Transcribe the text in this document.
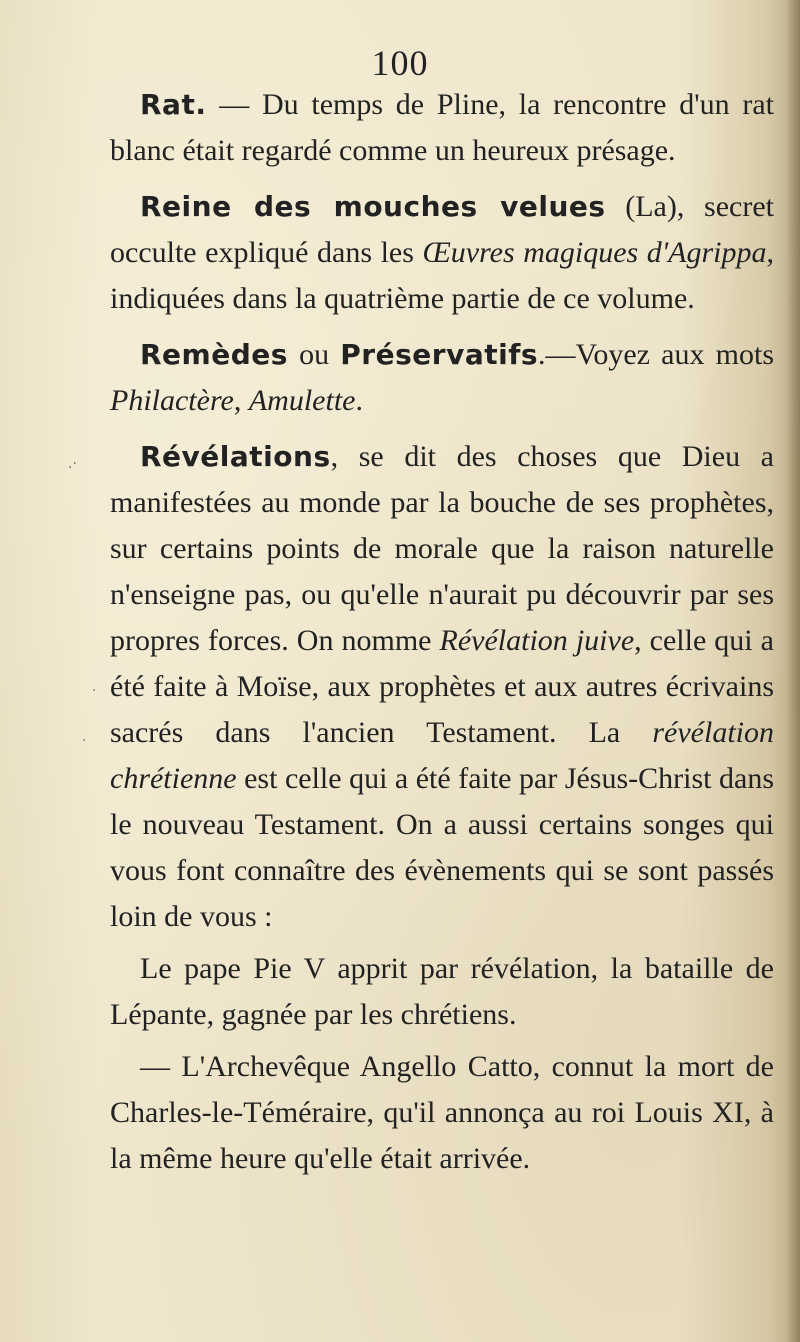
100

Rat. — Du temps de Pline, la rencontre d'un rat blanc était regardé comme un heureux présage.

Reine des mouches velues (La), secret occulte expliqué dans les Œuvres magiques d'Agrippa, indiquées dans la quatrième partie de ce volume.

Remèdes ou Préservatifs.—Voyez aux mots Philactère, Amulette.

Révélations, se dit des choses que Dieu a manifestées au monde par la bouche de ses prophètes, sur certains points de morale que la raison naturelle n'enseigne pas, ou qu'elle n'aurait pu découvrir par ses propres forces. On nomme Révélation juive, celle qui a été faite à Moïse, aux prophètes et aux autres écrivains sacrés dans l'ancien Testament. La révélation chrétienne est celle qui a été faite par Jésus-Christ dans le nouveau Testament. On a aussi certains songes qui vous font connaître des évènements qui se sont passés loin de vous :

Le pape Pie V apprit par révélation, la bataille de Lépante, gagnée par les chrétiens.

— L'Archevêque Angello Catto, connut la mort de Charles-le-Téméraire, qu'il annonça au roi Louis XI, à la même heure qu'elle était arrivée.

.·
·
·
